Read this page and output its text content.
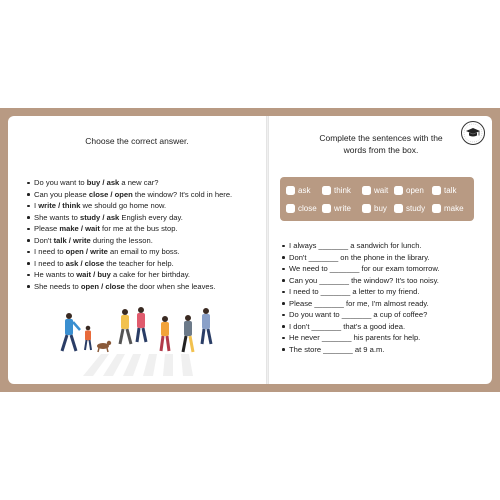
Choose the correct answer.
Do you want to buy / ask a new car?
Can you please close / open the window? It's cold in here.
I write / think we should go home now.
She wants to study / ask English every day.
Please make / wait for me at the bus stop.
Don't talk / write during the lesson.
I need to open / write an email to my boss.
I need to ask / close the teacher for help.
He wants to wait / buy a cake for her birthday.
She needs to open / close the door when she leaves.
Complete the sentences with the
words from the box.
ask	think	wait open	talk
close write	buy study make
I always _______ a sandwich for lunch.
Don't _______ on the phone in the library.
We need to _______ for our exam tomorrow.
Can you _______ the window? It's too noisy.
I need to _______ a letter to my friend.
Please _______ for me, I'm almost ready.
Do you want to _______ a cup of coffee?
I don't _______ that's a good idea.
He never _______ his parents for help.
The store _______ at 9 a.m.
